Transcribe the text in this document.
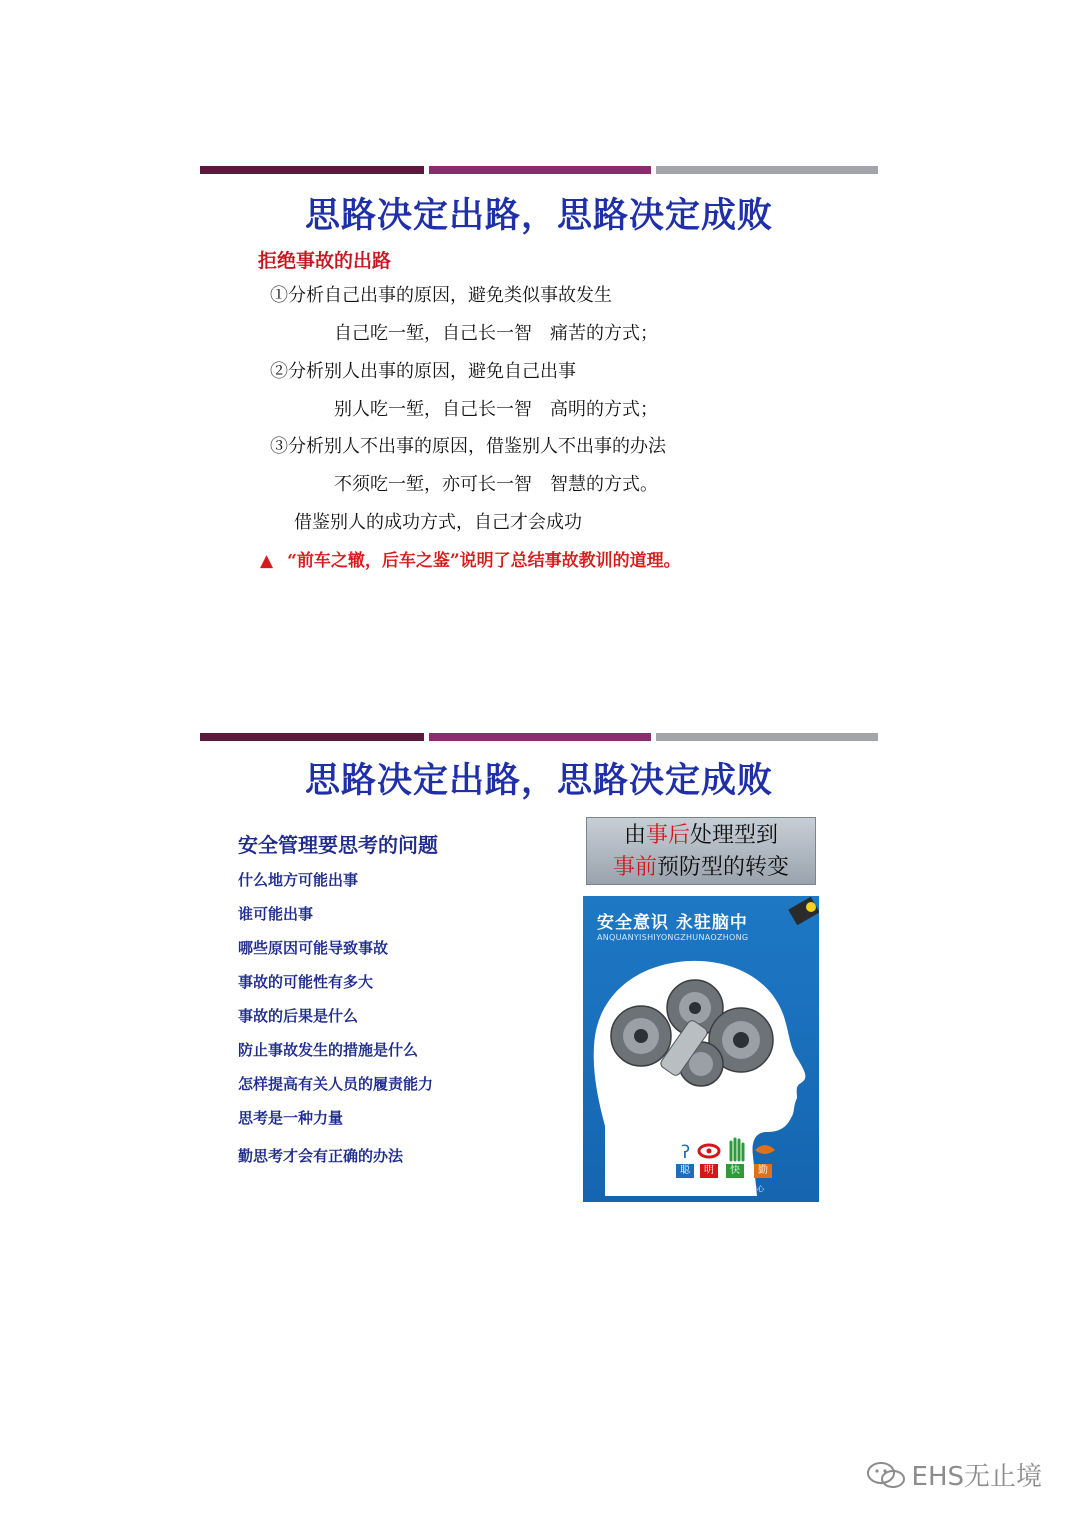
思路决定出路，思路决定成败
拒绝事故的出路
①分析自己出事的原因，避免类似事故发生
自己吃一堑，自己长一智　痛苦的方式；
②分析别人出事的原因，避免自己出事
别人吃一堑，自己长一智　高明的方式；
③分析别人不出事的原因，借鉴别人不出事的办法
不须吃一堑，亦可长一智　智慧的方式。
借鉴别人的成功方式，自己才会成功
▲ “前车之辙，后车之鉴”说明了总结事故教训的道理。
思路决定出路，思路决定成败
安全管理要思考的问题
什么地方可能出事
谁可能出事
哪些原因可能导致事故
事故的可能性有多大
事故的后果是什么
防止事故发生的措施是什么
怎样提高有关人员的履责能力
思考是一种力量
勤思考才会有正确的办法
由事后处理型到
事前预防型的转变
安全意识 永驻脑中
ANQUANYISHIYONGZHUNAOZHONG
ʔ
聪	明	快	勤
国家安全生产监督管理局宣传教育中心
EHS无止境
